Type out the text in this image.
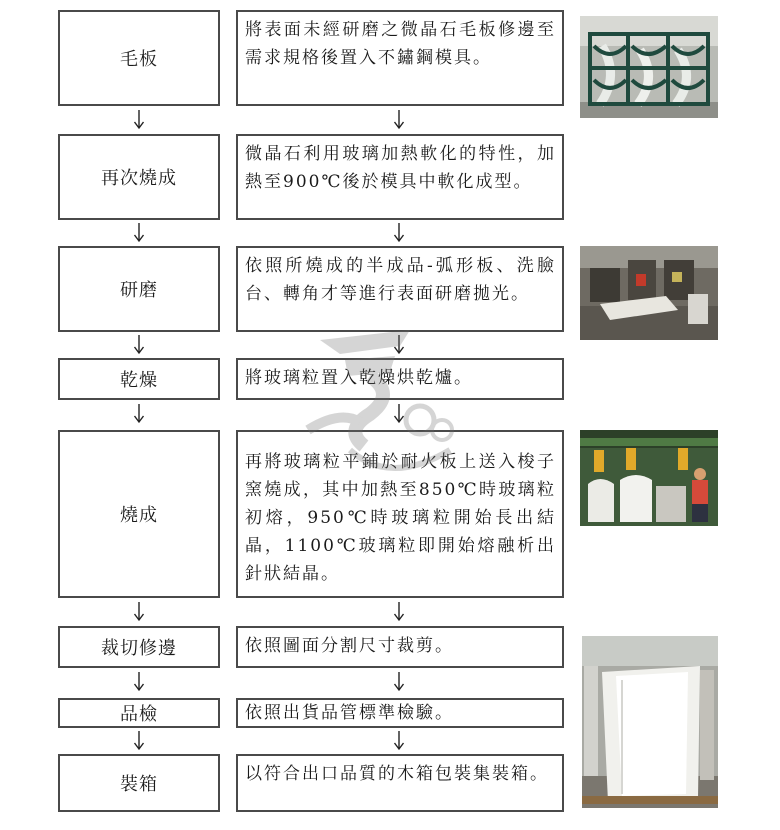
毛板
再次燒成
研磨
乾燥
燒成
裁切修邊
品檢
裝箱
將表面未經研磨之微晶石毛板修邊至需求規格後置入不鏽鋼模具。
微晶石利用玻璃加熱軟化的特性，加熱至900℃後於模具中軟化成型。
依照所燒成的半成品-弧形板、洗臉台、轉角才等進行表面研磨拋光。
將玻璃粒置入乾燥烘乾爐。
再將玻璃粒平鋪於耐火板上送入梭子窯燒成，其中加熱至850℃時玻璃粒初熔，950℃時玻璃粒開始長出結晶，1100℃玻璃粒即開始熔融析出針狀結晶。
依照圖面分割尺寸裁剪。
依照出貨品管標準檢驗。
以符合出口品質的木箱包裝集裝箱。
